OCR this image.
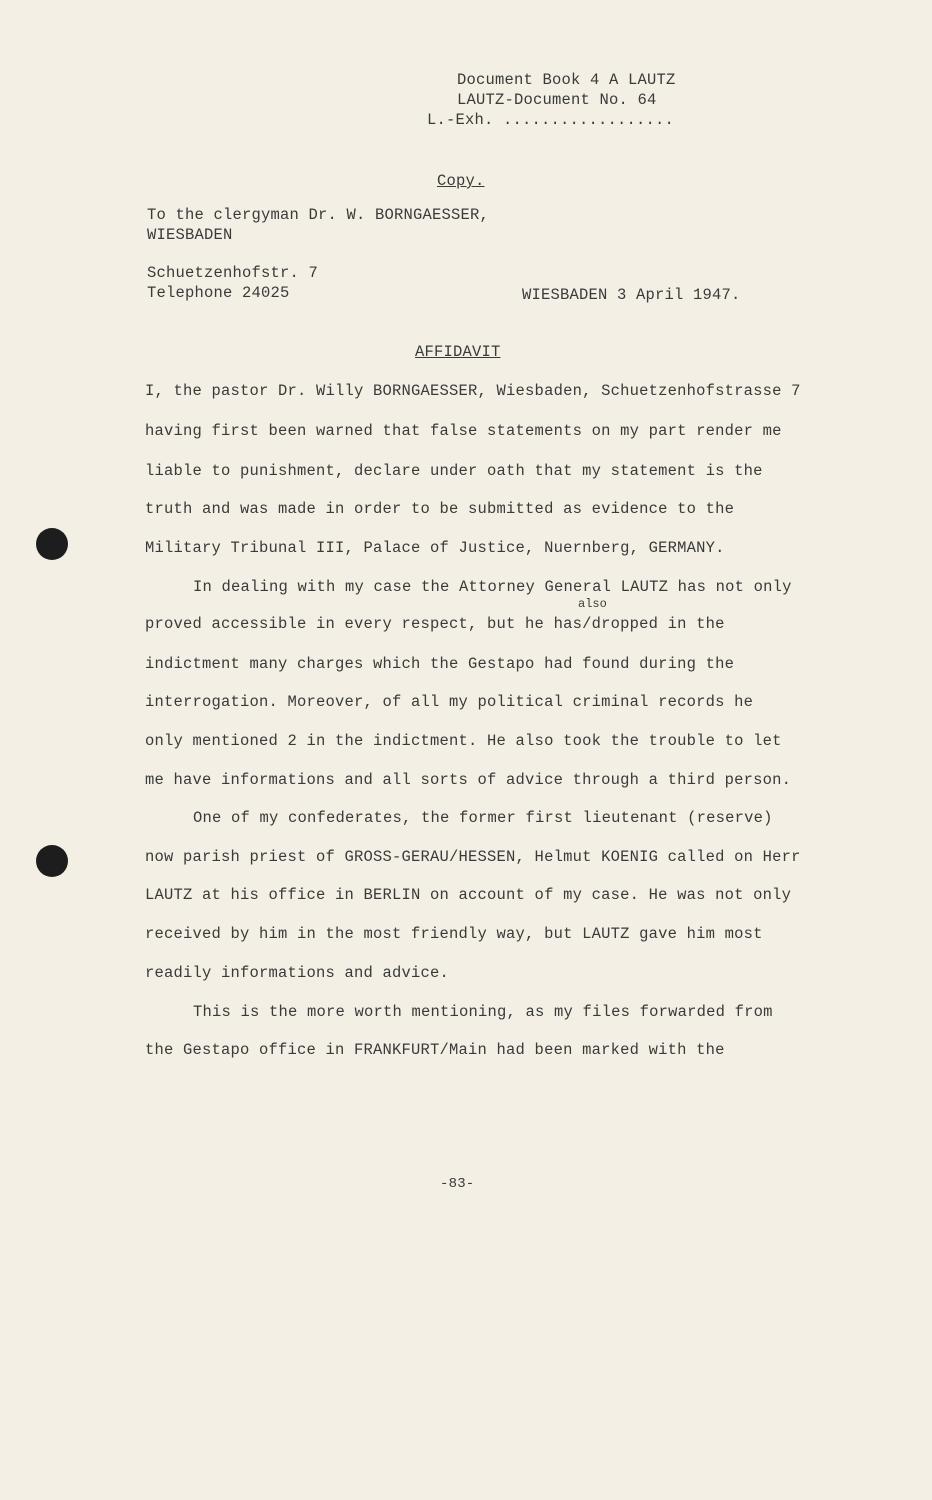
Document Book 4 A LAUTZ
LAUTZ-Document No. 64
L.-Exh. ..................
Copy.
To the clergyman Dr. W. BORNGAESSER,
WIESBADEN
Schuetzenhofstr. 7
Telephone 24025	WIESBADEN 3 April 1947.
AFFIDAVIT
I, the pastor Dr. Willy BORNGAESSER, Wiesbaden, Schuetzenhofstrasse 7
having first been warned that false statements on my part render me
liable to punishment, declare under oath that my statement is the
truth and was made in order to be submitted as evidence to the
Military Tribunal III, Palace of Justice, Nuernberg, GERMANY.
In dealing with my case the Attorney General LAUTZ has not only
also
proved accessible in every respect, but he has/dropped in the
indictment many charges which the Gestapo had found during the
interrogation. Moreover, of all my political criminal records he
only mentioned 2 in the indictment. He also took the trouble to let
me have informations and all sorts of advice through a third person.
One of my confederates, the former first lieutenant (reserve)
now parish priest of GROSS-GERAU/HESSEN, Helmut KOENIG called on Herr
LAUTZ at his office in BERLIN on account of my case. He was not only
received by him in the most friendly way, but LAUTZ gave him most
readily informations and advice.
This is the more worth mentioning, as my files forwarded from
the Gestapo office in FRANKFURT/Main had been marked with the
-83-
